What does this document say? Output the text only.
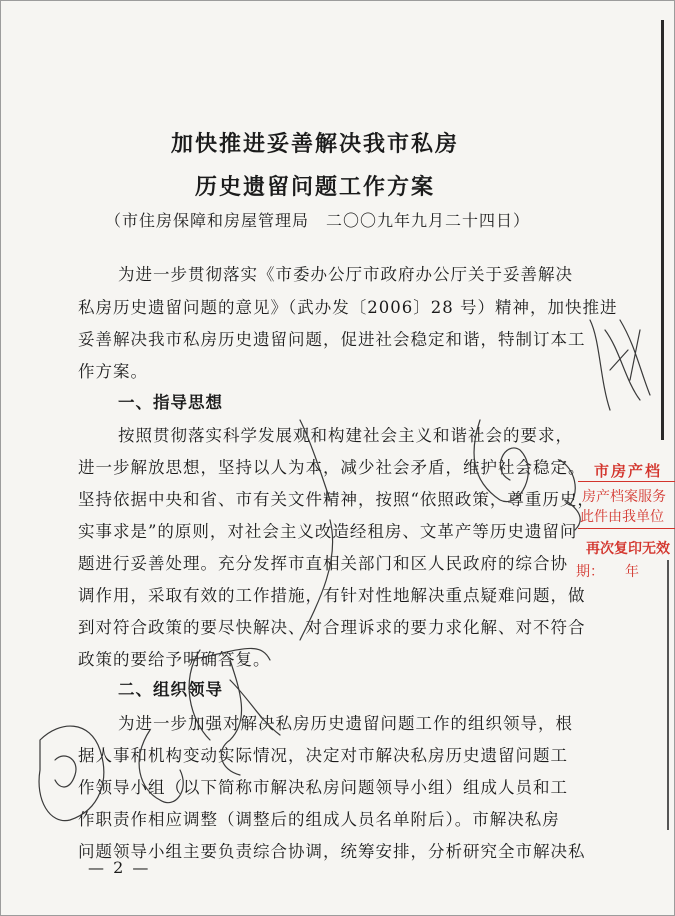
加快推进妥善解决我市私房
历史遗留问题工作方案
（市住房保障和房屋管理局　二〇〇九年九月二十四日）
为进一步贯彻落实《市委办公厅市政府办公厅关于妥善解决
私房历史遗留问题的意见》（武办发〔2006〕28 号）精神，加快推进
妥善解决我市私房历史遗留问题，促进社会稳定和谐，特制订本工
作方案。
一、指导思想
按照贯彻落实科学发展观和构建社会主义和谐社会的要求，
进一步解放思想，坚持以人为本，减少社会矛盾，维护社会稳定。
坚持依据中央和省、市有关文件精神，按照“依照政策，尊重历史，
实事求是”的原则，对社会主义改造经租房、文革产等历史遗留问
题进行妥善处理。充分发挥市直相关部门和区人民政府的综合协
调作用，采取有效的工作措施，有针对性地解决重点疑难问题，做
到对符合政策的要尽快解决、对合理诉求的要力求化解、对不符合
政策的要给予明确答复。
二、组织领导
为进一步加强对解决私房历史遗留问题工作的组织领导，根
据人事和机构变动实际情况，决定对市解决私房历史遗留问题工
作领导小组（以下简称市解决私房问题领导小组）组成人员和工
作职责作相应调整（调整后的组成人员名单附后）。市解决私房
问题领导小组主要负责综合协调，统筹安排，分析研究全市解决私
— 2 —
市房产档
房产档案服务
此件由我单位
再次复印无效
期：　　年
